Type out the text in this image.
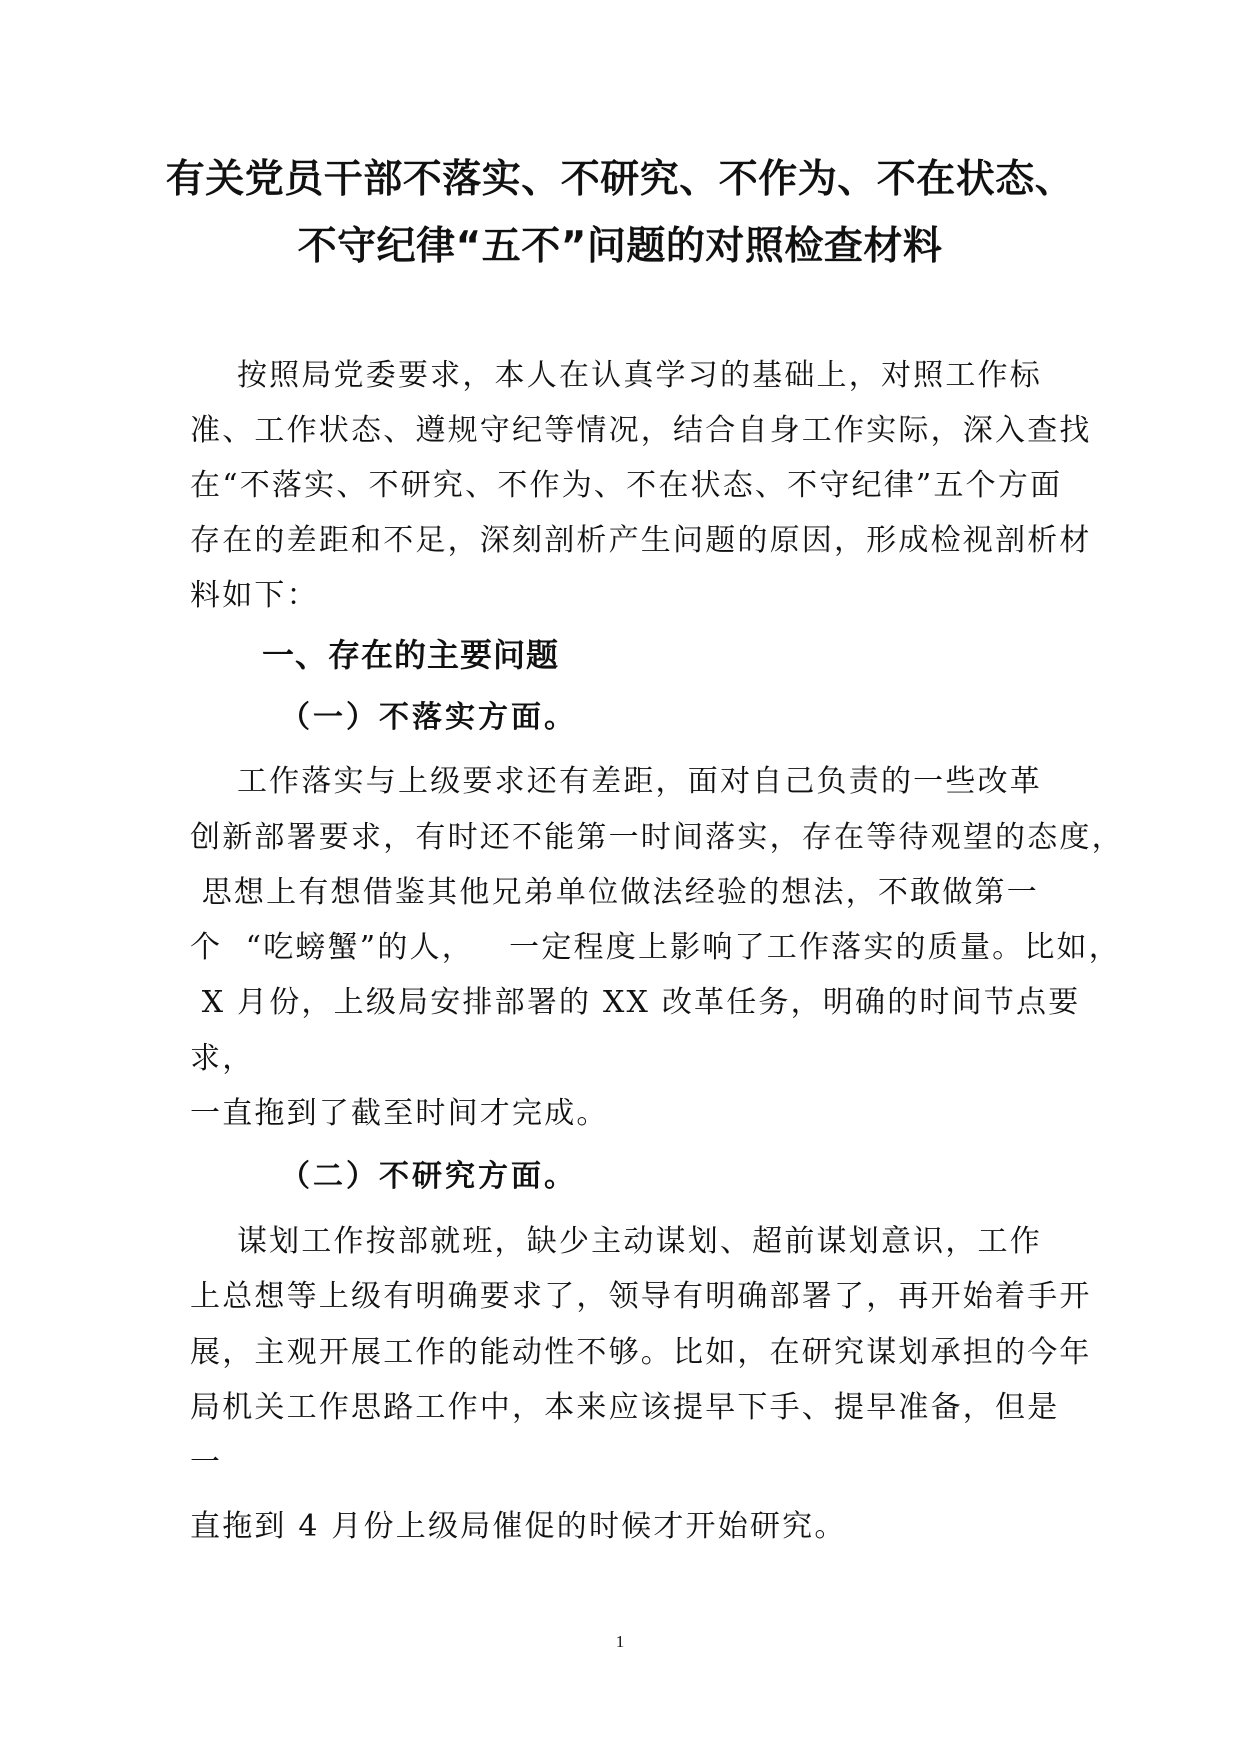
有关党员干部不落实、不研究、不作为、不在状态、
不守纪律“五不”问题的对照检查材料

按照局党委要求，本人在认真学习的基础上，对照工作标

准、工作状态、遵规守纪等情况，结合自身工作实际，深入查找

在“不落实、不研究、不作为、不在状态、不守纪律”五个方面

存在的差距和不足，深刻剖析产生问题的原因，形成检视剖析材

料如下：

一、存在的主要问题
（一）不落实方面。

工作落实与上级要求还有差距，面对自己负责的一些改革

创新部署要求，有时还不能第一时间落实，存在等待观望的态度，

思想上有想借鉴其他兄弟单位做法经验的想法，不敢做第一

个  “吃螃蟹”的人，   一定程度上影响了工作落实的质量。比如，

X 月份，上级局安排部署的 XX 改革任务，明确的时间节点要

求，

一直拖到了截至时间才完成。

（二）不研究方面。

谋划工作按部就班，缺少主动谋划、超前谋划意识，工作

上总想等上级有明确要求了，领导有明确部署了，再开始着手开

展，主观开展工作的能动性不够。比如，在研究谋划承担的今年

局机关工作思路工作中，本来应该提早下手、提早准备，但是

一

直拖到 4 月份上级局催促的时候才开始研究。

1
